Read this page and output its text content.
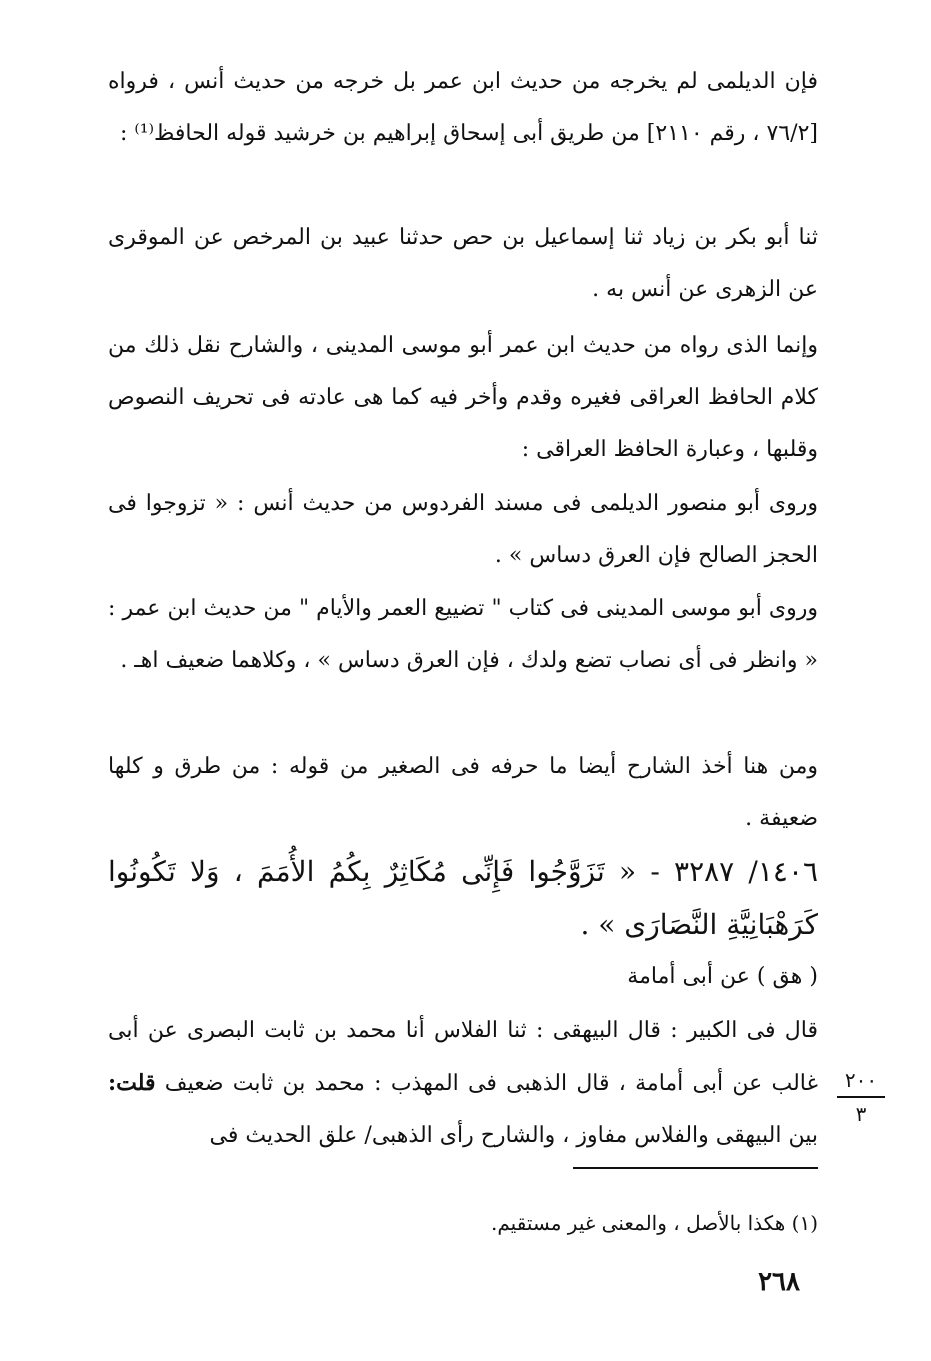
فإن الديلمى لم يخرجه من حديث ابن عمر بل خرجه من حديث أنس ، فرواه [٧٦/٢ ، رقم ٢١١٠] من طريق أبى إسحاق إبراهيم بن خرشيد قوله الحافظ⁽¹⁾ :

ثنا أبو بكر بن زياد ثنا إسماعيل بن حص حدثنا عبيد بن المرخص عن الموقرى عن الزهرى عن أنس به .

وإنما الذى رواه من حديث ابن عمر أبو موسى المدينى ، والشارح نقل ذلك من كلام الحافظ العراقى فغيره وقدم وأخر فيه كما هى عادته فى تحريف النصوص وقلبها ، وعبارة الحافظ العراقى :

وروى أبو منصور الديلمى فى مسند الفردوس من حديث أنس : « تزوجوا فى الحجز الصالح فإن العرق دساس » .

وروى أبو موسى المدينى فى كتاب " تضييع العمر والأيام " من حديث ابن عمر : « وانظر فى أى نصاب تضع ولدك ، فإن العرق دساس » ، وكلاهما ضعيف اهـ .

ومن هنا أخذ الشارح أيضا ما حرفه فى الصغير من قوله : من طرق و كلها ضعيفة .

١٤٠٦/ ٣٢٨٧ - « تَزَوَّجُوا فَإِنِّى مُكَاثِرٌ بِكُمُ الأُمَمَ ، وَلا تَكُونُوا كَرَهْبَانِيَّةِ النَّصَارَى » .

( هق ) عن أبى أمامة

قال فى الكبير : قال البيهقى : ثنا الفلاس أنا محمد بن ثابت البصرى عن أبى غالب عن أبى أمامة ، قال الذهبى فى المهذب : محمد بن ثابت ضعيف قلت: بين البيهقى والفلاس مفاوز ، والشارح رأى الذهبى/ علق الحديث فى
٢٠٠
٣

(١) هكذا بالأصل ، والمعنى غير مستقيم.

٢٦٨
